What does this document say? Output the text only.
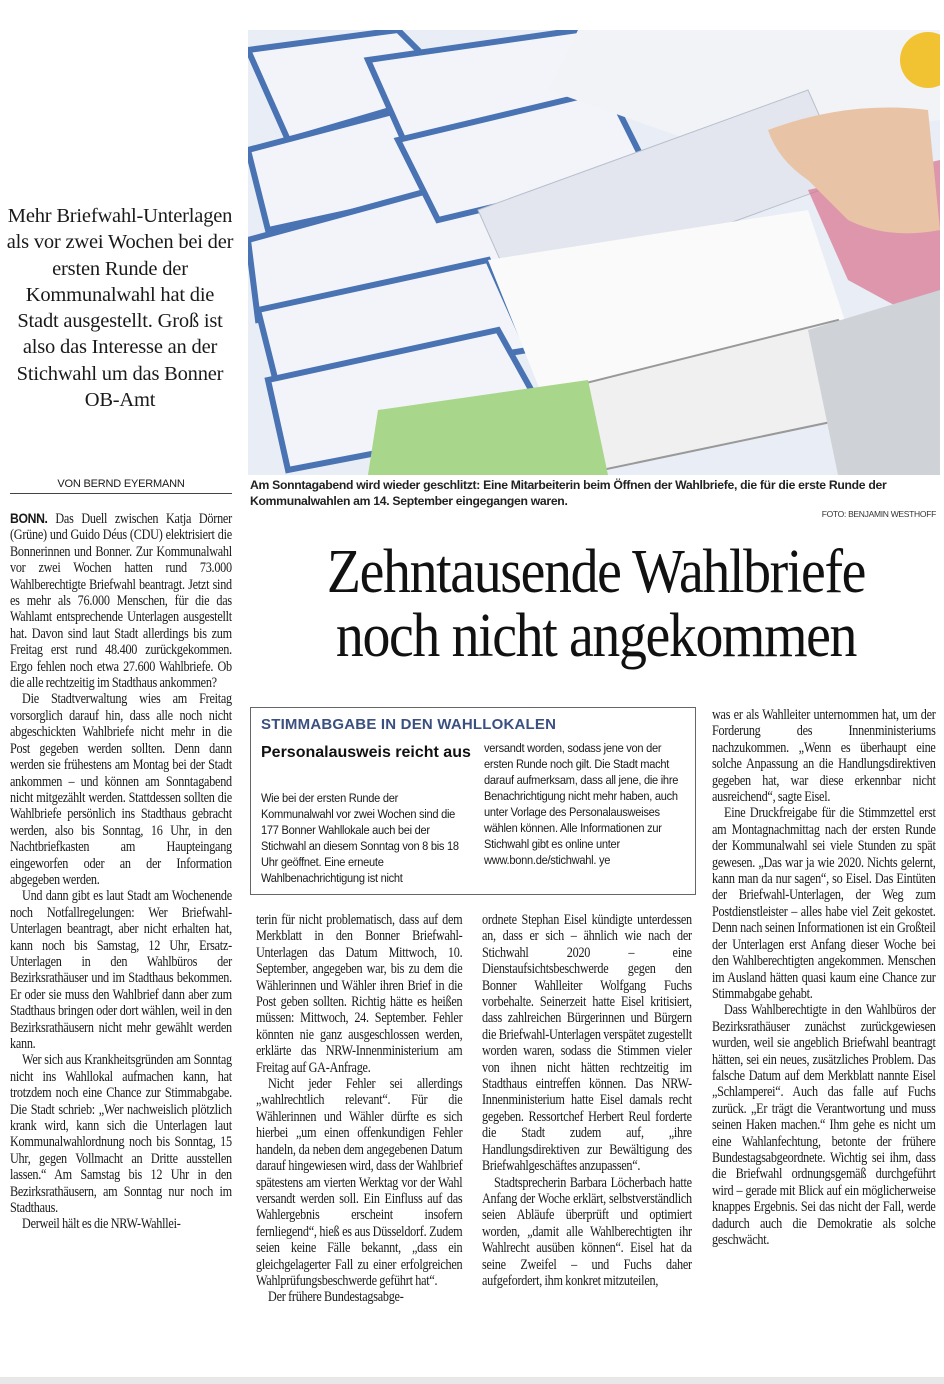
Mehr Briefwahl-Unterlagen als vor zwei Wochen bei der ersten Runde der Kommunalwahl hat die Stadt ausgestellt. Groß ist also das Interesse an der Stichwahl um das Bonner OB-Amt
VON BERND EYERMANN

BONN. Das Duell zwischen Katja Dörner (Grüne) und Guido Déus (CDU) elektrisiert die Bonnerinnen und Bonner. Zur Kommunalwahl vor zwei Wochen hatten rund 73.000 Wahlberechtigte Briefwahl beantragt. Jetzt sind es mehr als 76.000 Menschen, für die das Wahlamt entsprechende Unterlagen ausgestellt hat. Davon sind laut Stadt allerdings bis zum Freitag erst rund 48.400 zurückgekommen. Ergo fehlen noch etwa 27.600 Wahlbriefe. Ob die alle rechtzeitig im Stadthaus ankommen?

Die Stadtverwaltung wies am Freitag vorsorglich darauf hin, dass alle noch nicht abgeschickten Wahlbriefe nicht mehr in die Post gegeben werden sollten. Denn dann werden sie frühestens am Montag bei der Stadt ankommen – und können am Sonntagabend nicht mitgezählt werden. Stattdessen sollten die Wahlbriefe persönlich ins Stadthaus gebracht werden, also bis Sonntag, 16 Uhr, in den Nachtbriefkasten am Haupteingang eingeworfen oder an der Information abgegeben werden.

Und dann gibt es laut Stadt am Wochenende noch Notfallregelungen: Wer Briefwahl-Unterlagen beantragt, aber nicht erhalten hat, kann noch bis Samstag, 12 Uhr, Ersatz-Unterlagen in den Wahlbüros der Bezirksrathäuser und im Stadthaus bekommen. Er oder sie muss den Wahlbrief dann aber zum Stadthaus bringen oder dort wählen, weil in den Bezirksrathäusern nicht mehr gewählt werden kann.

Wer sich aus Krankheitsgründen am Sonntag nicht ins Wahllokal aufmachen kann, hat trotzdem noch eine Chance zur Stimmabgabe. Die Stadt schrieb: „Wer nachweislich plötzlich krank wird, kann sich die Unterlagen laut Kommunalwahlordnung noch bis Sonntag, 15 Uhr, gegen Vollmacht an Dritte ausstellen lassen.“ Am Samstag bis 12 Uhr in den Bezirksrathäusern, am Sonntag nur noch im Stadthaus.

Derweil hält es die NRW-Wahllei-

Am Sonntagabend wird wieder geschlitzt: Eine Mitarbeiterin beim Öffnen der Wahlbriefe, die für die erste Runde der Kommunalwahlen am 14. September eingegangen waren.
FOTO: BENJAMIN WESTHOFF
Zehntausende Wahlbriefe
noch nicht angekommen
STIMMABGABE IN DEN WAHLLOKALEN
Personalausweis reicht aus
Wie bei der ersten Runde der Kommunalwahl vor zwei Wochen sind die 177 Bonner Wahllokale auch bei der Stichwahl an diesem Sonntag von 8 bis 18 Uhr geöffnet. Eine erneute Wahlbenachrichtigung ist nicht
versandt worden, sodass jene von der ersten Runde noch gilt. Die Stadt macht darauf aufmerksam, dass all jene, die ihre Benachrichtigung nicht mehr haben, auch unter Vorlage des Personalausweises wählen können. Alle Informationen zur Stichwahl gibt es online unter www.bonn.de/stichwahl. ye

terin für nicht problematisch, dass auf dem Merkblatt in den Bonner Briefwahl-Unterlagen das Datum Mittwoch, 10. September, angegeben war, bis zu dem die Wählerinnen und Wähler ihren Brief in die Post geben sollten. Richtig hätte es heißen müssen: Mittwoch, 24. September. Fehler könnten nie ganz ausgeschlossen werden, erklärte das NRW-Innenministerium am Freitag auf GA-Anfrage.

Nicht jeder Fehler sei allerdings „wahlrechtlich relevant“. Für die Wählerinnen und Wähler dürfte es sich hierbei „um einen offenkundigen Fehler handeln, da neben dem angegebenen Datum darauf hingewiesen wird, dass der Wahlbrief spätestens am vierten Werktag vor der Wahl versandt werden soll. Ein Einfluss auf das Wahlergebnis erscheint insofern fernliegend“, hieß es aus Düsseldorf. Zudem seien keine Fälle bekannt, „dass ein gleichgelagerter Fall zu einer erfolgreichen Wahlprüfungsbeschwerde geführt hat“.

Der frühere Bundestagsabge-

ordnete Stephan Eisel kündigte unterdessen an, dass er sich – ähnlich wie nach der Stichwahl 2020 – eine Dienstaufsichtsbeschwerde gegen den Bonner Wahlleiter Wolfgang Fuchs vorbehalte. Seinerzeit hatte Eisel kritisiert, dass zahlreichen Bürgerinnen und Bürgern die Briefwahl-Unterlagen verspätet zugestellt worden waren, sodass die Stimmen vieler von ihnen nicht hätten rechtzeitig im Stadthaus eintreffen können. Das NRW-Innenministerium hatte Eisel damals recht gegeben. Ressortchef Herbert Reul forderte die Stadt zudem auf, „ihre Handlungsdirektiven zur Bewältigung des Briefwahlgeschäftes anzupassen“.

Stadtsprecherin Barbara Löcherbach hatte Anfang der Woche erklärt, selbstverständlich seien Abläufe überprüft und optimiert worden, „damit alle Wahlberechtigten ihr Wahlrecht ausüben können“. Eisel hat da seine Zweifel – und Fuchs daher aufgefordert, ihm konkret mitzuteilen,

was er als Wahlleiter unternommen hat, um der Forderung des Innenministeriums nachzukommen. „Wenn es überhaupt eine solche Anpassung an die Handlungsdirektiven gegeben hat, war diese erkennbar nicht ausreichend“, sagte Eisel.

Eine Druckfreigabe für die Stimmzettel erst am Montagnachmittag nach der ersten Runde der Kommunalwahl sei viele Stunden zu spät gewesen. „Das war ja wie 2020. Nichts gelernt, kann man da nur sagen“, so Eisel. Das Eintüten der Briefwahl-Unterlagen, der Weg zum Postdienstleister – alles habe viel Zeit gekostet. Denn nach seinen Informationen ist ein Großteil der Unterlagen erst Anfang dieser Woche bei den Wahlberechtigten angekommen. Menschen im Ausland hätten quasi kaum eine Chance zur Stimmabgabe gehabt.

Dass Wahlberechtigte in den Wahlbüros der Bezirksrathäuser zunächst zurückgewiesen wurden, weil sie angeblich Briefwahl beantragt hätten, sei ein neues, zusätzliches Problem. Das falsche Datum auf dem Merkblatt nannte Eisel „Schlamperei“. Auch das falle auf Fuchs zurück. „Er trägt die Verantwortung und muss seinen Haken machen.“ Ihm gehe es nicht um eine Wahlanfechtung, betonte der frühere Bundestagsabgeordnete. Wichtig sei ihm, dass die Briefwahl ordnungsgemäß durchgeführt wird – gerade mit Blick auf ein möglicherweise knappes Ergebnis. Sei das nicht der Fall, werde dadurch auch die Demokratie als solche geschwächt.
